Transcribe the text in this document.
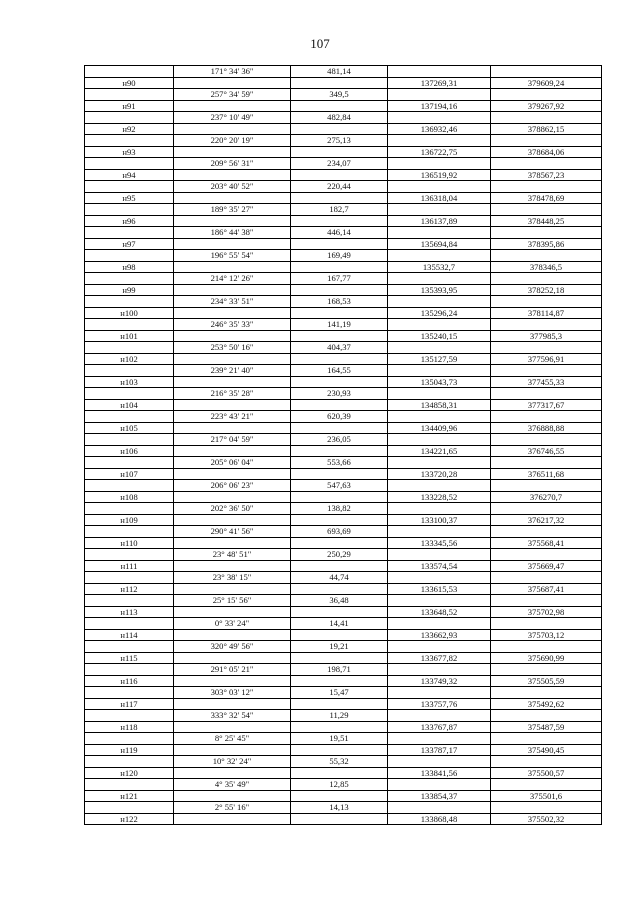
107
	171° 34' 36"	481,14		
н90			137269,31	379609,24
	257° 34' 59"	349,5		
н91			137194,16	379267,92
	237° 10' 49"	482,84		
н92			136932,46	378862,15
	220° 20' 19"	275,13		
н93			136722,75	378684,06
	209° 56' 31"	234,07		
н94			136519,92	378567,23
	203° 40' 52"	220,44		
н95			136318,04	378478,69
	189° 35' 27"	182,7		
н96			136137,89	378448,25
	186° 44' 38"	446,14		
н97			135694,84	378395,86
	196° 55' 54"	169,49		
н98			135532,7	378346,5
	214° 12' 26"	167,77		
н99			135393,95	378252,18
	234° 33' 51"	168,53		
н100			135296,24	378114,87
	246° 35' 33"	141,19		
н101			135240,15	377985,3
	253° 50' 16"	404,37		
н102			135127,59	377596,91
	239° 21' 40"	164,55		
н103			135043,73	377455,33
	216° 35' 28"	230,93		
н104			134858,31	377317,67
	223° 43' 21"	620,39		
н105			134409,96	376888,88
	217° 04' 59"	236,05		
н106			134221,65	376746,55
	205° 06' 04"	553,66		
н107			133720,28	376511,68
	206° 06' 23"	547,63		
н108			133228,52	376270,7
	202° 36' 50"	138,82		
н109			133100,37	376217,32
	290° 41' 56"	693,69		
н110			133345,56	375568,41
	23° 48' 51"	250,29		
н111			133574,54	375669,47
	23° 38' 15"	44,74		
н112			133615,53	375687,41
	25° 15' 56"	36,48		
н113			133648,52	375702,98
	0° 33' 24"	14,41		
н114			133662,93	375703,12
	320° 49' 56"	19,21		
н115			133677,82	375690,99
	291° 05' 21"	198,71		
н116			133749,32	375505,59
	303° 03' 12"	15,47		
н117			133757,76	375492,62
	333° 32' 54"	11,29		
н118			133767,87	375487,59
	8° 25' 45"	19,51		
н119			133787,17	375490,45
	10° 32' 24"	55,32		
н120			133841,56	375500,57
	4° 35' 49"	12,85		
н121			133854,37	375501,6
	2° 55' 16"	14,13		
н122			133868,48	375502,32
